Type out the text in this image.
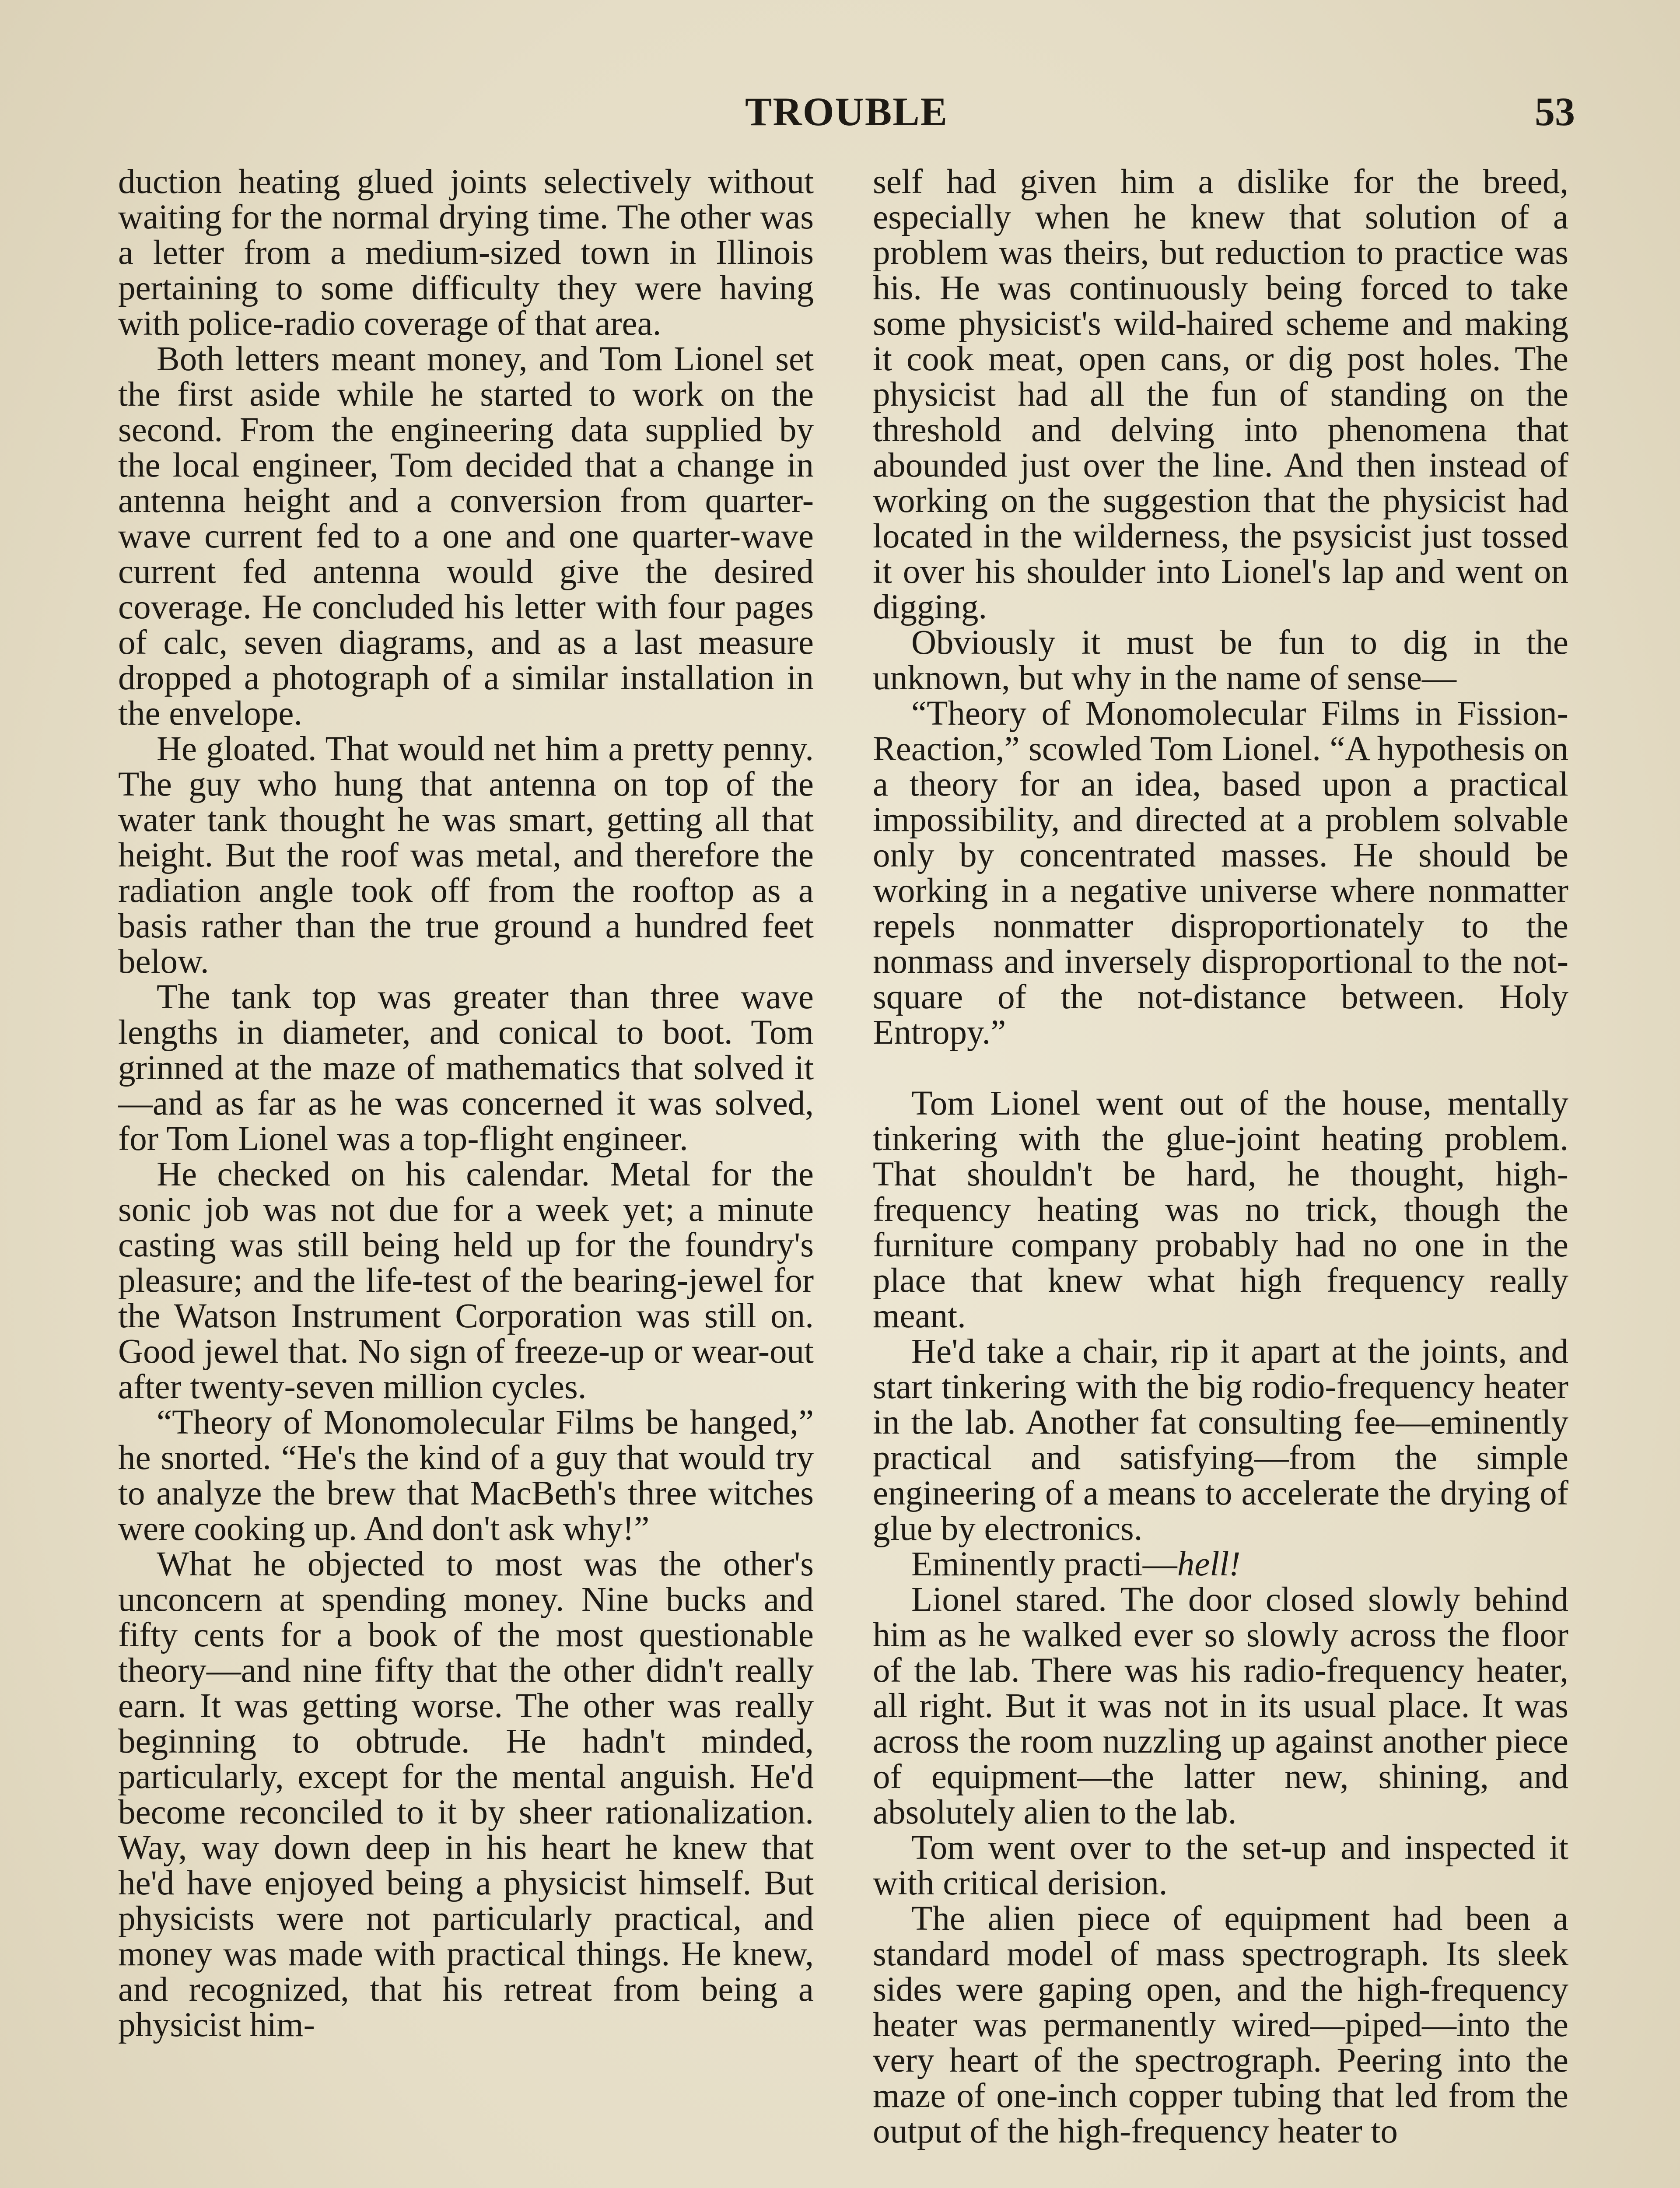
TROUBLE	53

duction heating glued joints selectively without waiting for the normal drying time. The other was a letter from a medium-sized town in Illinois pertaining to some difficulty they were having with police-radio coverage of that area.

Both letters meant money, and Tom Lionel set the first aside while he started to work on the second. From the engineering data supplied by the local engineer, Tom decided that a change in antenna height and a conversion from quarter-wave current fed to a one and one quarter-wave current fed antenna would give the desired coverage. He concluded his letter with four pages of calc, seven diagrams, and as a last measure dropped a photograph of a similar installation in the envelope.

He gloated. That would net him a pretty penny. The guy who hung that antenna on top of the water tank thought he was smart, getting all that height. But the roof was metal, and therefore the radiation angle took off from the rooftop as a basis rather than the true ground a hundred feet below.

The tank top was greater than three wave lengths in diameter, and conical to boot. Tom grinned at the maze of mathematics that solved it—and as far as he was concerned it was solved, for Tom Lionel was a top-flight engineer.

He checked on his calendar. Metal for the sonic job was not due for a week yet; a minute casting was still being held up for the foundry's pleasure; and the life-test of the bearing-jewel for the Watson Instrument Corporation was still on. Good jewel that. No sign of freeze-up or wear-out after twenty-seven million cycles.

“Theory of Monomolecular Films be hanged,” he snorted. “He's the kind of a guy that would try to analyze the brew that MacBeth's three witches were cooking up. And don't ask why!”

What he objected to most was the other's unconcern at spending money. Nine bucks and fifty cents for a book of the most questionable theory—and nine fifty that the other didn't really earn. It was getting worse. The other was really beginning to obtrude. He hadn't minded, particularly, except for the mental anguish. He'd become reconciled to it by sheer rationalization. Way, way down deep in his heart he knew that he'd have enjoyed being a physicist himself. But physicists were not particularly practical, and money was made with practical things. He knew, and recognized, that his retreat from being a physicist him-

self had given him a dislike for the breed, especially when he knew that solution of a problem was theirs, but reduction to practice was his. He was continuously being forced to take some physicist's wild-haired scheme and making it cook meat, open cans, or dig post holes. The physicist had all the fun of standing on the threshold and delving into phenomena that abounded just over the line. And then instead of working on the suggestion that the physicist had located in the wilderness, the psysicist just tossed it over his shoulder into Lionel's lap and went on digging.

Obviously it must be fun to dig in the unknown, but why in the name of sense—

“Theory of Monomolecular Films in Fission-Reaction,” scowled Tom Lionel. “A hypothesis on a theory for an idea, based upon a practical impossibility, and directed at a problem solvable only by concentrated masses. He should be working in a negative universe where nonmatter repels nonmatter disproportionately to the nonmass and inversely disproportional to the not-square of the not-distance between. Holy Entropy.”

Tom Lionel went out of the house, mentally tinkering with the glue-joint heating problem. That shouldn't be hard, he thought, high-frequency heating was no trick, though the furniture company probably had no one in the place that knew what high frequency really meant.

He'd take a chair, rip it apart at the joints, and start tinkering with the big rodio-frequency heater in the lab. Another fat consulting fee—eminently practical and satisfying—from the simple engineering of a means to accelerate the drying of glue by electronics.

Eminently practi—hell!

Lionel stared. The door closed slowly behind him as he walked ever so slowly across the floor of the lab. There was his radio-frequency heater, all right. But it was not in its usual place. It was across the room nuzzling up against another piece of equipment—the latter new, shining, and absolutely alien to the lab.

Tom went over to the set-up and inspected it with critical derision.

The alien piece of equipment had been a standard model of mass spectrograph. Its sleek sides were gaping open, and the high-frequency heater was permanently wired—piped—into the very heart of the spectrograph. Peering into the maze of one-inch copper tubing that led from the output of the high-frequency heater to
